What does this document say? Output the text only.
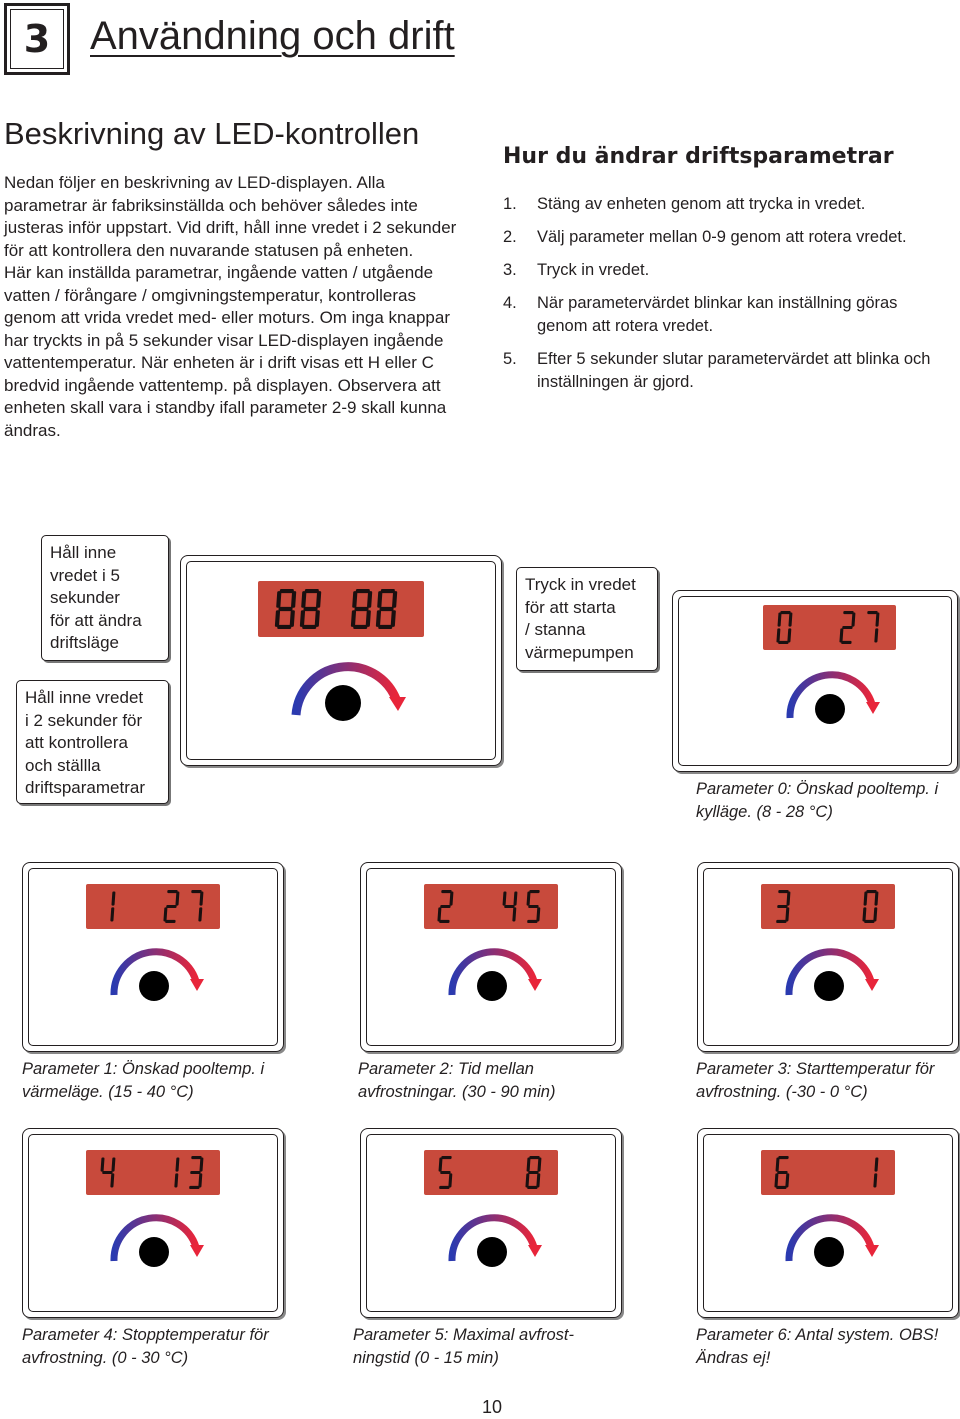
3 Användning och drift
Beskrivning av LED-kontrollen
Nedan följer en beskrivning av LED-displayen. Alla
parametrar är fabriksinställda och behöver således inte
justeras inför uppstart. Vid drift, håll inne vredet i 2 sekunder
för att kontrollera den nuvarande statusen på enheten.
Här kan inställda parametrar, ingående vatten / utgående
vatten / förångare / omgivningstemperatur, kontrolleras
genom att vrida vredet med- eller moturs. Om inga knappar
har tryckts in på 5 sekunder visar LED-displayen ingående
vattentemperatur. När enheten är i drift visas ett H eller C
bredvid ingående vattentemp. på displayen. Observera att
enheten skall vara i standby ifall parameter 2-9 skall kunna
ändras.
Hur du ändrar driftsparametrar
1. Stäng av enheten genom att trycka in vredet.
2. Välj parameter mellan 0-9 genom att rotera vredet.
3. Tryck in vredet.
4. När parametervärdet blinkar kan inställning göras
genom att rotera vredet.
5. Efter 5 sekunder slutar parametervärdet att blinka och
inställningen är gjord.
Håll inne
vredet i 5
sekunder
för att ändra
driftsläge
Håll inne vredet
i 2 sekunder för
att kontrollera
och ställla
driftsparametrar
Tryck in vredet
för att starta
/ stanna
värmepumpen
Parameter 0: Önskad pooltemp. i
kylläge. (8 - 28 °C)
Parameter 1: Önskad pooltemp. i
värmeläge. (15 - 40 °C)
Parameter 2: Tid mellan
avfrostningar. (30 - 90 min)
Parameter 3: Starttemperatur för
avfrostning. (-30 - 0 °C)
Parameter 4: Stopptemperatur för
avfrostning. (0 - 30 °C)
Parameter 5: Maximal avfrost-
ningstid (0 - 15 min)
Parameter 6: Antal system. OBS!
Ändras ej!
10
